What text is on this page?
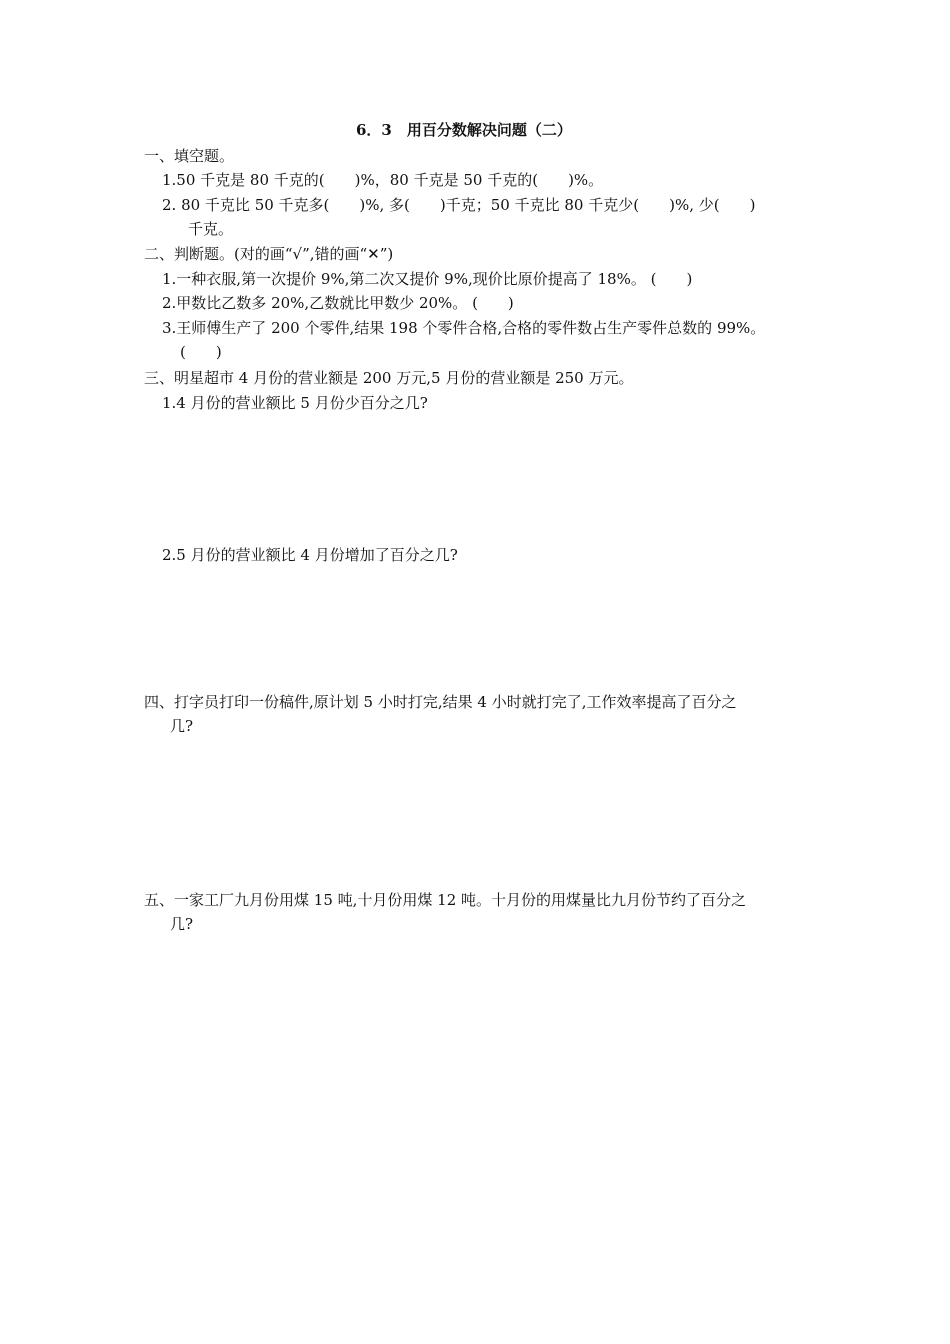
6．3　用百分数解决问题（二）
一、填空题。
1.50 千克是 80 千克的(　　)%，80 千克是 50 千克的(　　)%。
2. 80 千克比 50 千克多(　　)%, 多(　　)千克；50 千克比 80 千克少(　　)%, 少(　　)
千克。
二、判断题。(对的画“√”,错的画“✕”)
1.一种衣服,第一次提价 9%,第二次又提价 9%,现价比原价提高了 18%。 (　　)
2.甲数比乙数多 20%,乙数就比甲数少 20%。 (　　)
3.王师傅生产了 200 个零件,结果 198 个零件合格,合格的零件数占生产零件总数的 99%。
(　　)
三、明星超市 4 月份的营业额是 200 万元,5 月份的营业额是 250 万元。
1.4 月份的营业额比 5 月份少百分之几?
2.5 月份的营业额比 4 月份增加了百分之几?
四、打字员打印一份稿件,原计划 5 小时打完,结果 4 小时就打完了,工作效率提高了百分之
几?
五、一家工厂九月份用煤 15 吨,十月份用煤 12 吨。十月份的用煤量比九月份节约了百分之
几?
